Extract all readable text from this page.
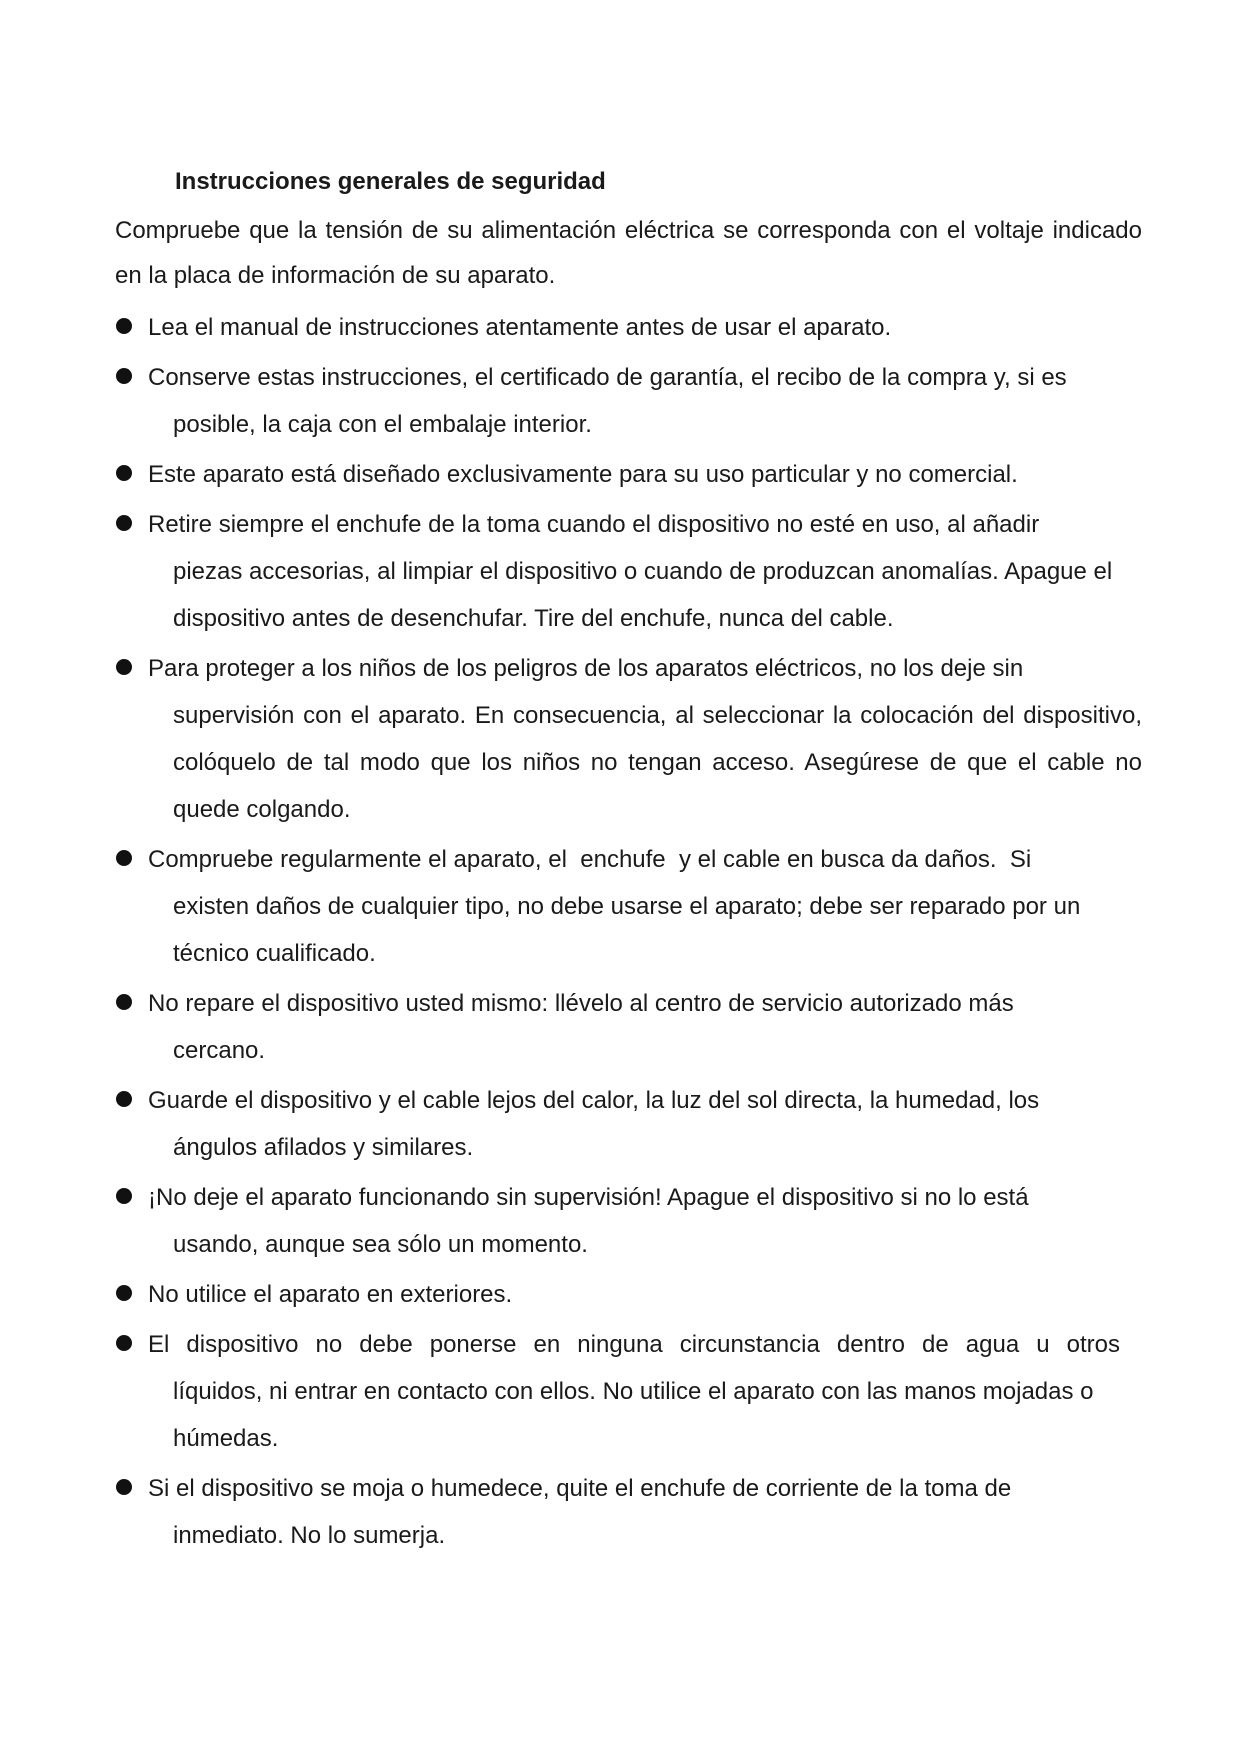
Instrucciones generales de seguridad

Compruebe que la tensión de su alimentación eléctrica se corresponda con el voltaje indicado en la placa de información de su aparato.

Lea el manual de instrucciones atentamente antes de usar el aparato.
Conserve estas instrucciones, el certificado de garantía, el recibo de la compra y, si es
posible, la caja con el embalaje interior.
Este aparato está diseñado exclusivamente para su uso particular y no comercial.
Retire siempre el enchufe de la toma cuando el dispositivo no esté en uso, al añadir
piezas accesorias, al limpiar el dispositivo o cuando de produzcan anomalías. Apague el dispositivo antes de desenchufar. Tire del enchufe, nunca del cable.
Para proteger a los niños de los peligros de los aparatos eléctricos, no los deje sin
supervisión con el aparato. En consecuencia, al seleccionar la colocación del dispositivo, colóquelo de tal modo que los niños no tengan acceso. Asegúrese de que el cable no quede colgando.
Compruebe regularmente el aparato, el  enchufe  y el cable en busca da daños.  Si
existen daños de cualquier tipo, no debe usarse el aparato; debe ser reparado por un técnico cualificado.
No repare el dispositivo usted mismo: llévelo al centro de servicio autorizado más
cercano.
Guarde el dispositivo y el cable lejos del calor, la luz del sol directa, la humedad, los
ángulos afilados y similares.
¡No deje el aparato funcionando sin supervisión! Apague el dispositivo si no lo está
usando, aunque sea sólo un momento.
No utilice el aparato en exteriores.
El dispositivo no debe ponerse en ninguna circunstancia dentro de agua u otros
líquidos, ni entrar en contacto con ellos. No utilice el aparato con las manos mojadas o húmedas.
Si el dispositivo se moja o humedece, quite el enchufe de corriente de la toma de
inmediato. No lo sumerja.
